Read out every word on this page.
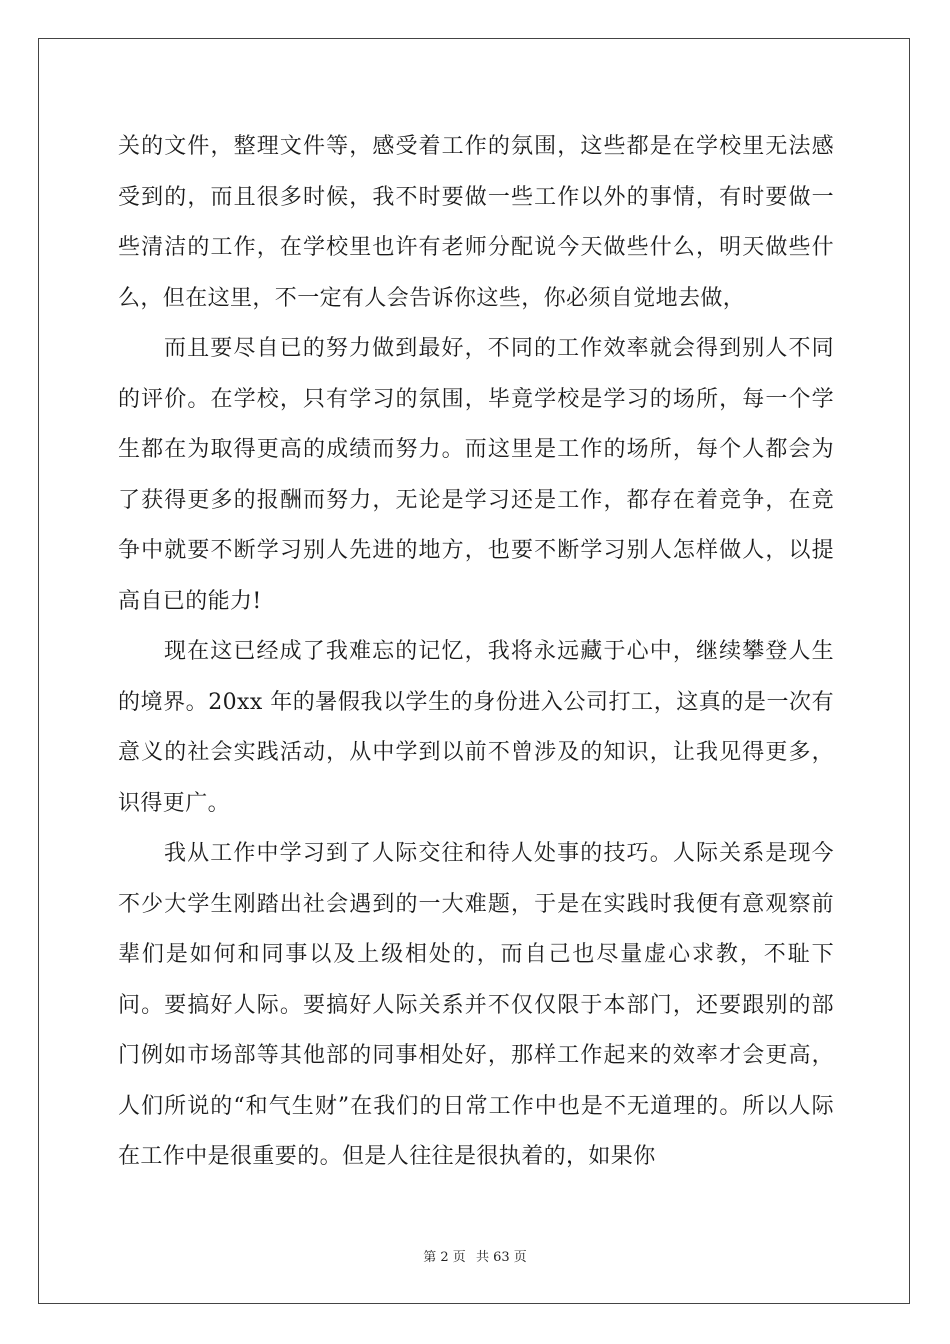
关的文件，整理文件等，感受着工作的氛围，这些都是在学校里无法感受到的，而且很多时候，我不时要做一些工作以外的事情，有时要做一些清洁的工作，在学校里也许有老师分配说今天做些什么，明天做些什么，但在这里，不一定有人会告诉你这些，你必须自觉地去做，

而且要尽自已的努力做到最好，不同的工作效率就会得到别人不同的评价。在学校，只有学习的氛围，毕竟学校是学习的场所，每一个学生都在为取得更高的成绩而努力。而这里是工作的场所，每个人都会为了获得更多的报酬而努力，无论是学习还是工作，都存在着竞争，在竞争中就要不断学习别人先进的地方，也要不断学习别人怎样做人，以提高自已的能力!

现在这已经成了我难忘的记忆，我将永远藏于心中，继续攀登人生的境界。20xx 年的暑假我以学生的身份进入公司打工，这真的是一次有意义的社会实践活动，从中学到以前不曾涉及的知识，让我见得更多，识得更广。

我从工作中学习到了人际交往和待人处事的技巧。人际关系是现今不少大学生刚踏出社会遇到的一大难题，于是在实践时我便有意观察前辈们是如何和同事以及上级相处的，而自己也尽量虚心求教，不耻下问。要搞好人际。要搞好人际关系并不仅仅限于本部门，还要跟别的部门例如市场部等其他部的同事相处好，那样工作起来的效率才会更高，人们所说的“和气生财”在我们的日常工作中也是不无道理的。所以人际在工作中是很重要的。但是人往往是很执着的，如果你

第 2 页 共 63 页
